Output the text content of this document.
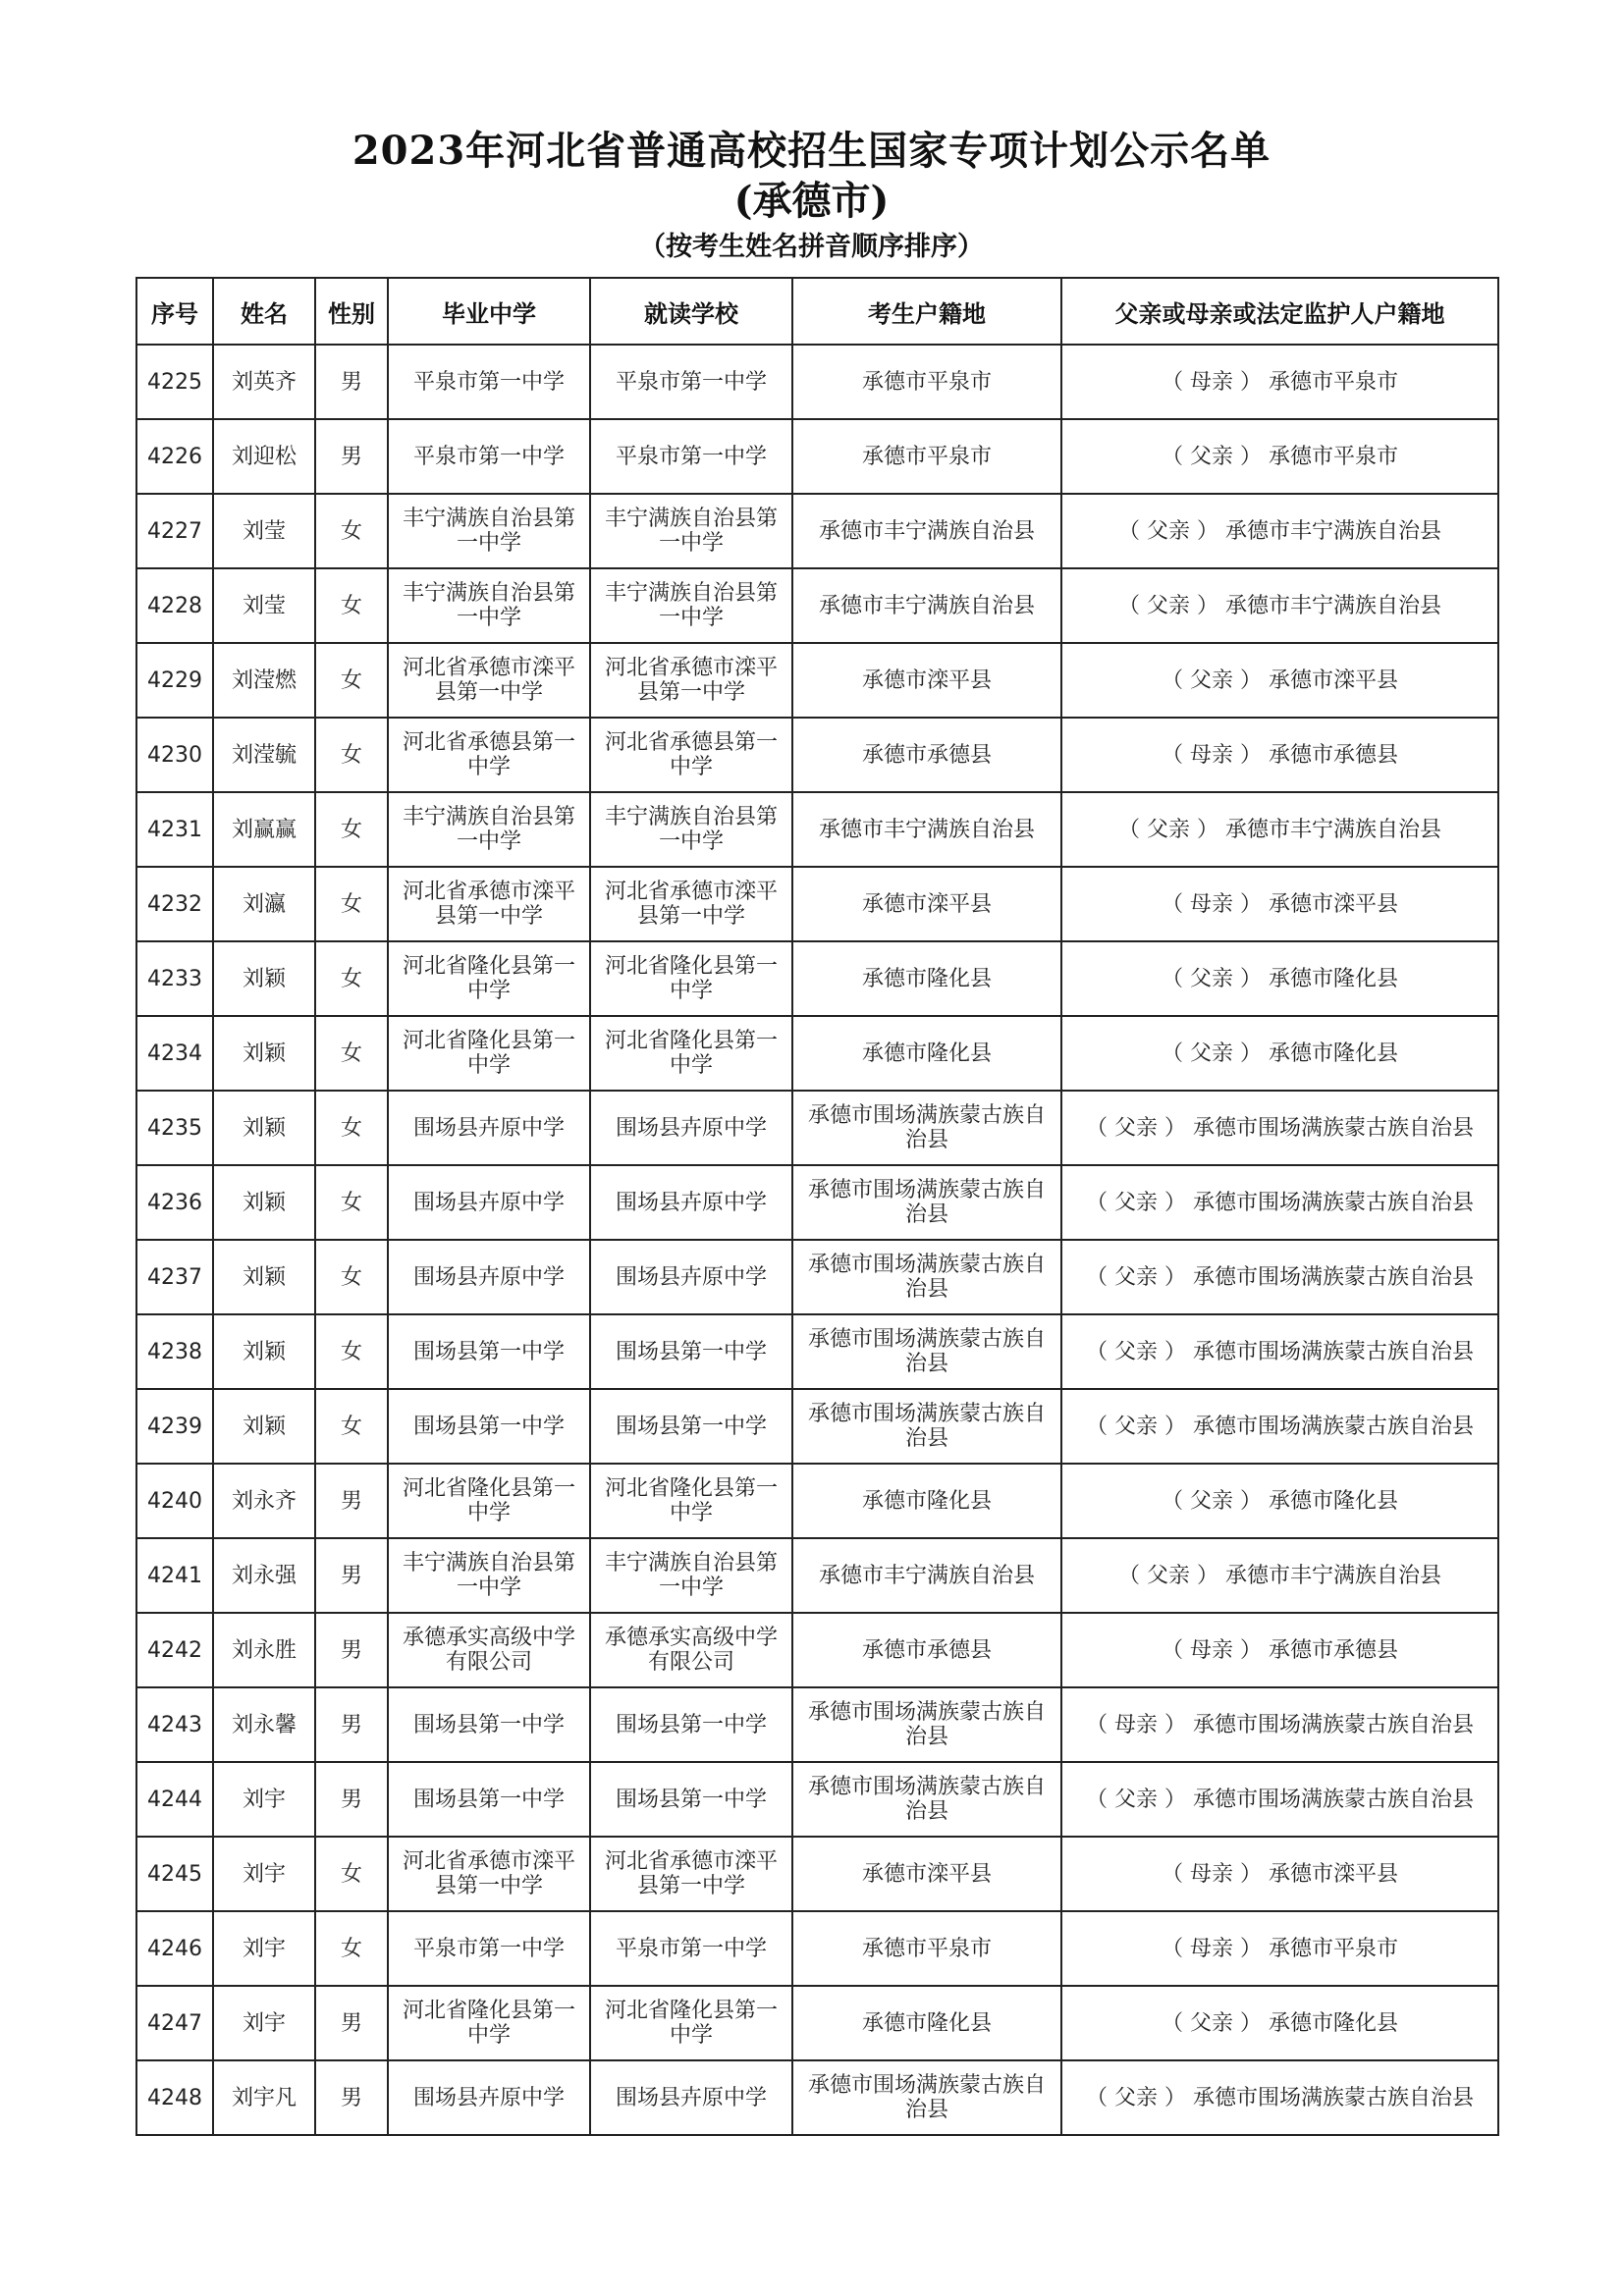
2023年河北省普通高校招生国家专项计划公示名单
(承德市)
（按考生姓名拼音顺序排序）
序号	姓名	性别	毕业中学	就读学校	考生户籍地	父亲或母亲或法定监护人户籍地
4225	刘英齐	男	平泉市第一中学	平泉市第一中学	承德市平泉市	（ 母亲 ） 承德市平泉市
4226	刘迎松	男	平泉市第一中学	平泉市第一中学	承德市平泉市	（ 父亲 ） 承德市平泉市
4227	刘莹	女	丰宁满族自治县第一中学	丰宁满族自治县第一中学	承德市丰宁满族自治县	（ 父亲 ） 承德市丰宁满族自治县
4228	刘莹	女	丰宁满族自治县第一中学	丰宁满族自治县第一中学	承德市丰宁满族自治县	（ 父亲 ） 承德市丰宁满族自治县
4229	刘滢燃	女	河北省承德市滦平县第一中学	河北省承德市滦平县第一中学	承德市滦平县	（ 父亲 ） 承德市滦平县
4230	刘滢毓	女	河北省承德县第一中学	河北省承德县第一中学	承德市承德县	（ 母亲 ） 承德市承德县
4231	刘赢赢	女	丰宁满族自治县第一中学	丰宁满族自治县第一中学	承德市丰宁满族自治县	（ 父亲 ） 承德市丰宁满族自治县
4232	刘瀛	女	河北省承德市滦平县第一中学	河北省承德市滦平县第一中学	承德市滦平县	（ 母亲 ） 承德市滦平县
4233	刘颖	女	河北省隆化县第一中学	河北省隆化县第一中学	承德市隆化县	（ 父亲 ） 承德市隆化县
4234	刘颖	女	河北省隆化县第一中学	河北省隆化县第一中学	承德市隆化县	（ 父亲 ） 承德市隆化县
4235	刘颖	女	围场县卉原中学	围场县卉原中学	承德市围场满族蒙古族自治县	（ 父亲 ） 承德市围场满族蒙古族自治县
4236	刘颖	女	围场县卉原中学	围场县卉原中学	承德市围场满族蒙古族自治县	（ 父亲 ） 承德市围场满族蒙古族自治县
4237	刘颖	女	围场县卉原中学	围场县卉原中学	承德市围场满族蒙古族自治县	（ 父亲 ） 承德市围场满族蒙古族自治县
4238	刘颖	女	围场县第一中学	围场县第一中学	承德市围场满族蒙古族自治县	（ 父亲 ） 承德市围场满族蒙古族自治县
4239	刘颖	女	围场县第一中学	围场县第一中学	承德市围场满族蒙古族自治县	（ 父亲 ） 承德市围场满族蒙古族自治县
4240	刘永齐	男	河北省隆化县第一中学	河北省隆化县第一中学	承德市隆化县	（ 父亲 ） 承德市隆化县
4241	刘永强	男	丰宁满族自治县第一中学	丰宁满族自治县第一中学	承德市丰宁满族自治县	（ 父亲 ） 承德市丰宁满族自治县
4242	刘永胜	男	承德承实高级中学有限公司	承德承实高级中学有限公司	承德市承德县	（ 母亲 ） 承德市承德县
4243	刘永馨	男	围场县第一中学	围场县第一中学	承德市围场满族蒙古族自治县	（ 母亲 ） 承德市围场满族蒙古族自治县
4244	刘宇	男	围场县第一中学	围场县第一中学	承德市围场满族蒙古族自治县	（ 父亲 ） 承德市围场满族蒙古族自治县
4245	刘宇	女	河北省承德市滦平县第一中学	河北省承德市滦平县第一中学	承德市滦平县	（ 母亲 ） 承德市滦平县
4246	刘宇	女	平泉市第一中学	平泉市第一中学	承德市平泉市	（ 母亲 ） 承德市平泉市
4247	刘宇	男	河北省隆化县第一中学	河北省隆化县第一中学	承德市隆化县	（ 父亲 ） 承德市隆化县
4248	刘宇凡	男	围场县卉原中学	围场县卉原中学	承德市围场满族蒙古族自治县	（ 父亲 ） 承德市围场满族蒙古族自治县
